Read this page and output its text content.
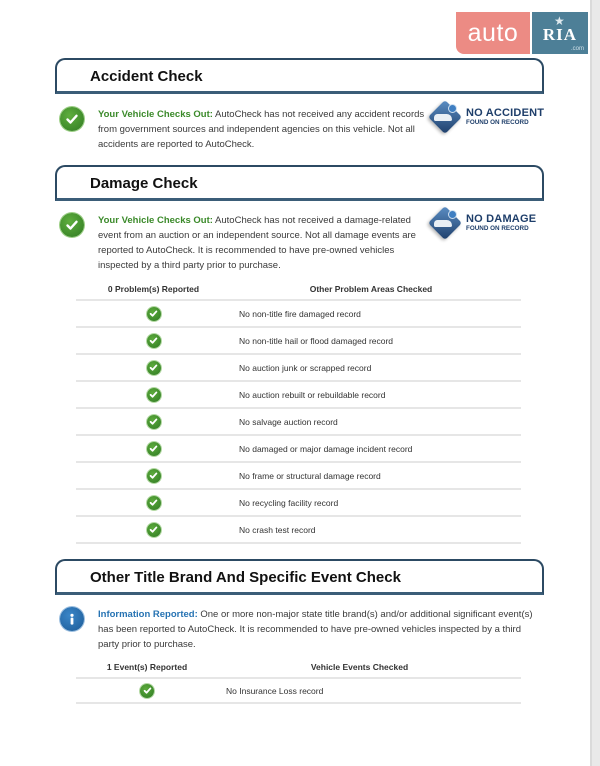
auto	★
RIA
.com
Accident Check
Your Vehicle Checks Out: AutoCheck has not received any accident records from government sources and independent agencies on this vehicle. Not all accidents are reported to AutoCheck.
NO ACCIDENT
FOUND ON RECORD
Damage Check
Your Vehicle Checks Out: AutoCheck has not received a damage-related event from an auction or an independent source. Not all damage events are reported to AutoCheck. It is recommended to have pre-owned vehicles inspected by a third party prior to purchase.
NO DAMAGE
FOUND ON RECORD
0 Problem(s) Reported	Other Problem Areas Checked
No non-title fire damaged record
No non-title hail or flood damaged record
No auction junk or scrapped record
No auction rebuilt or rebuildable record
No salvage auction record
No damaged or major damage incident record
No frame or structural damage record
No recycling facility record
No crash test record
Other Title Brand And Specific Event Check
Information Reported: One or more non-major state title brand(s) and/or additional significant event(s) has been reported to AutoCheck. It is recommended to have pre-owned vehicles inspected by a third party prior to purchase.
1 Event(s) Reported	Vehicle Events Checked
No Insurance Loss record
